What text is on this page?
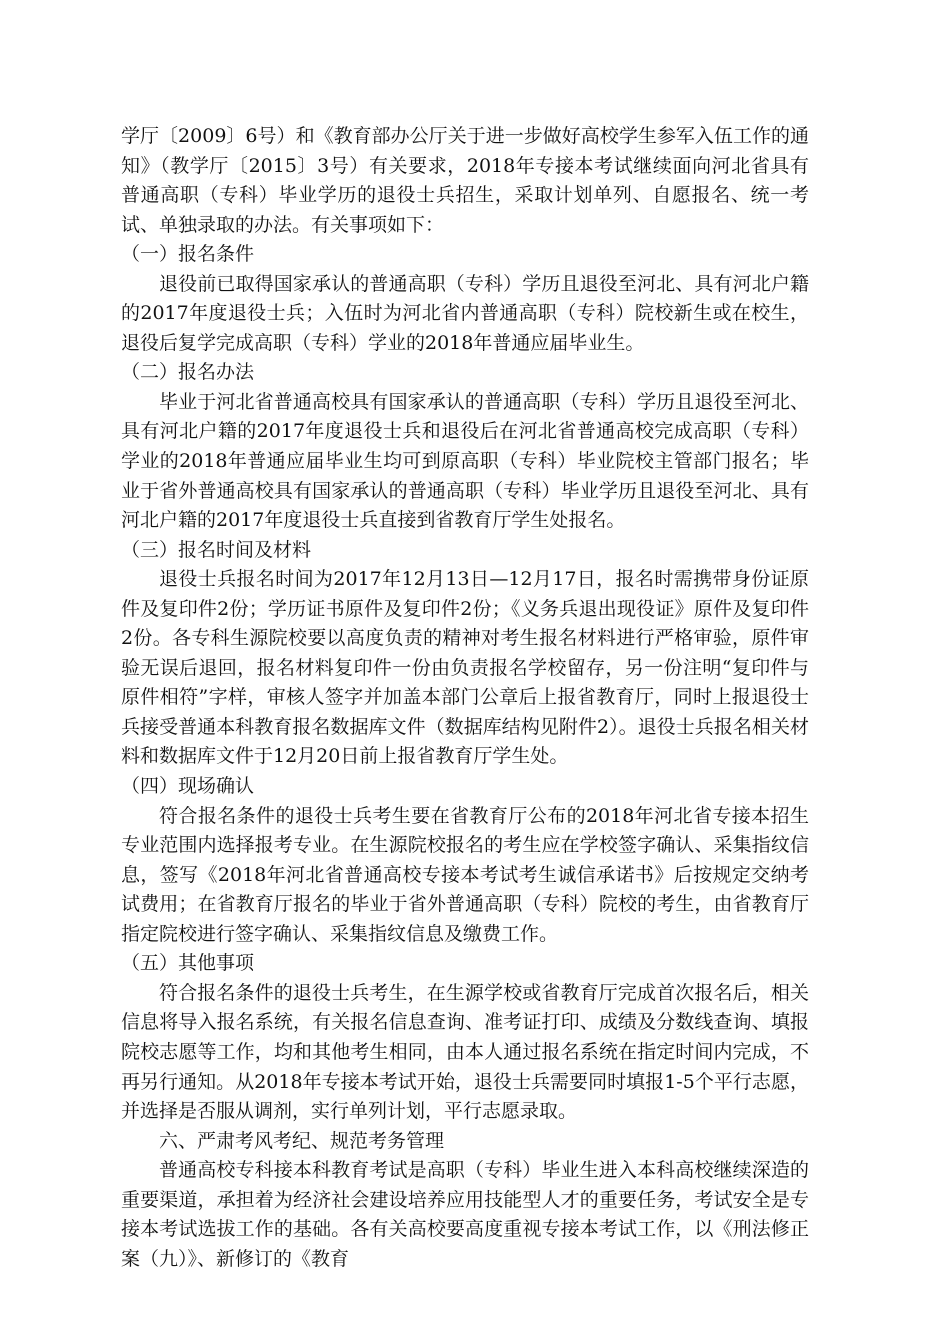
学厅〔2009〕6号）和《教育部办公厅关于进一步做好高校学生参军入伍工作的通知》（教学厅〔2015〕3号）有关要求，2018年专接本考试继续面向河北省具有普通高职（专科）毕业学历的退役士兵招生，采取计划单列、自愿报名、统一考试、单独录取的办法。有关事项如下：

（一）报名条件

退役前已取得国家承认的普通高职（专科）学历且退役至河北、具有河北户籍的2017年度退役士兵；入伍时为河北省内普通高职（专科）院校新生或在校生，退役后复学完成高职（专科）学业的2018年普通应届毕业生。

（二）报名办法

毕业于河北省普通高校具有国家承认的普通高职（专科）学历且退役至河北、具有河北户籍的2017年度退役士兵和退役后在河北省普通高校完成高职（专科）学业的2018年普通应届毕业生均可到原高职（专科）毕业院校主管部门报名；毕业于省外普通高校具有国家承认的普通高职（专科）毕业学历且退役至河北、具有河北户籍的2017年度退役士兵直接到省教育厅学生处报名。

（三）报名时间及材料

退役士兵报名时间为2017年12月13日—12月17日，报名时需携带身份证原件及复印件2份；学历证书原件及复印件2份；《义务兵退出现役证》原件及复印件2份。各专科生源院校要以高度负责的精神对考生报名材料进行严格审验，原件审验无误后退回，报名材料复印件一份由负责报名学校留存，另一份注明“复印件与原件相符”字样，审核人签字并加盖本部门公章后上报省教育厅，同时上报退役士兵接受普通本科教育报名数据库文件（数据库结构见附件2）。退役士兵报名相关材料和数据库文件于12月20日前上报省教育厅学生处。

（四）现场确认

符合报名条件的退役士兵考生要在省教育厅公布的2018年河北省专接本招生专业范围内选择报考专业。在生源院校报名的考生应在学校签字确认、采集指纹信息，签写《2018年河北省普通高校专接本考试考生诚信承诺书》后按规定交纳考试费用；在省教育厅报名的毕业于省外普通高职（专科）院校的考生，由省教育厅指定院校进行签字确认、采集指纹信息及缴费工作。

（五）其他事项

符合报名条件的退役士兵考生，在生源学校或省教育厅完成首次报名后，相关信息将导入报名系统，有关报名信息查询、准考证打印、成绩及分数线查询、填报院校志愿等工作，均和其他考生相同，由本人通过报名系统在指定时间内完成，不再另行通知。从2018年专接本考试开始，退役士兵需要同时填报1-5个平行志愿，并选择是否服从调剂，实行单列计划，平行志愿录取。

六、严肃考风考纪、规范考务管理

普通高校专科接本科教育考试是高职（专科）毕业生进入本科高校继续深造的重要渠道，承担着为经济社会建设培养应用技能型人才的重要任务，考试安全是专接本考试选拔工作的基础。各有关高校要高度重视专接本考试工作，以《刑法修正案（九）》、新修订的《教育
